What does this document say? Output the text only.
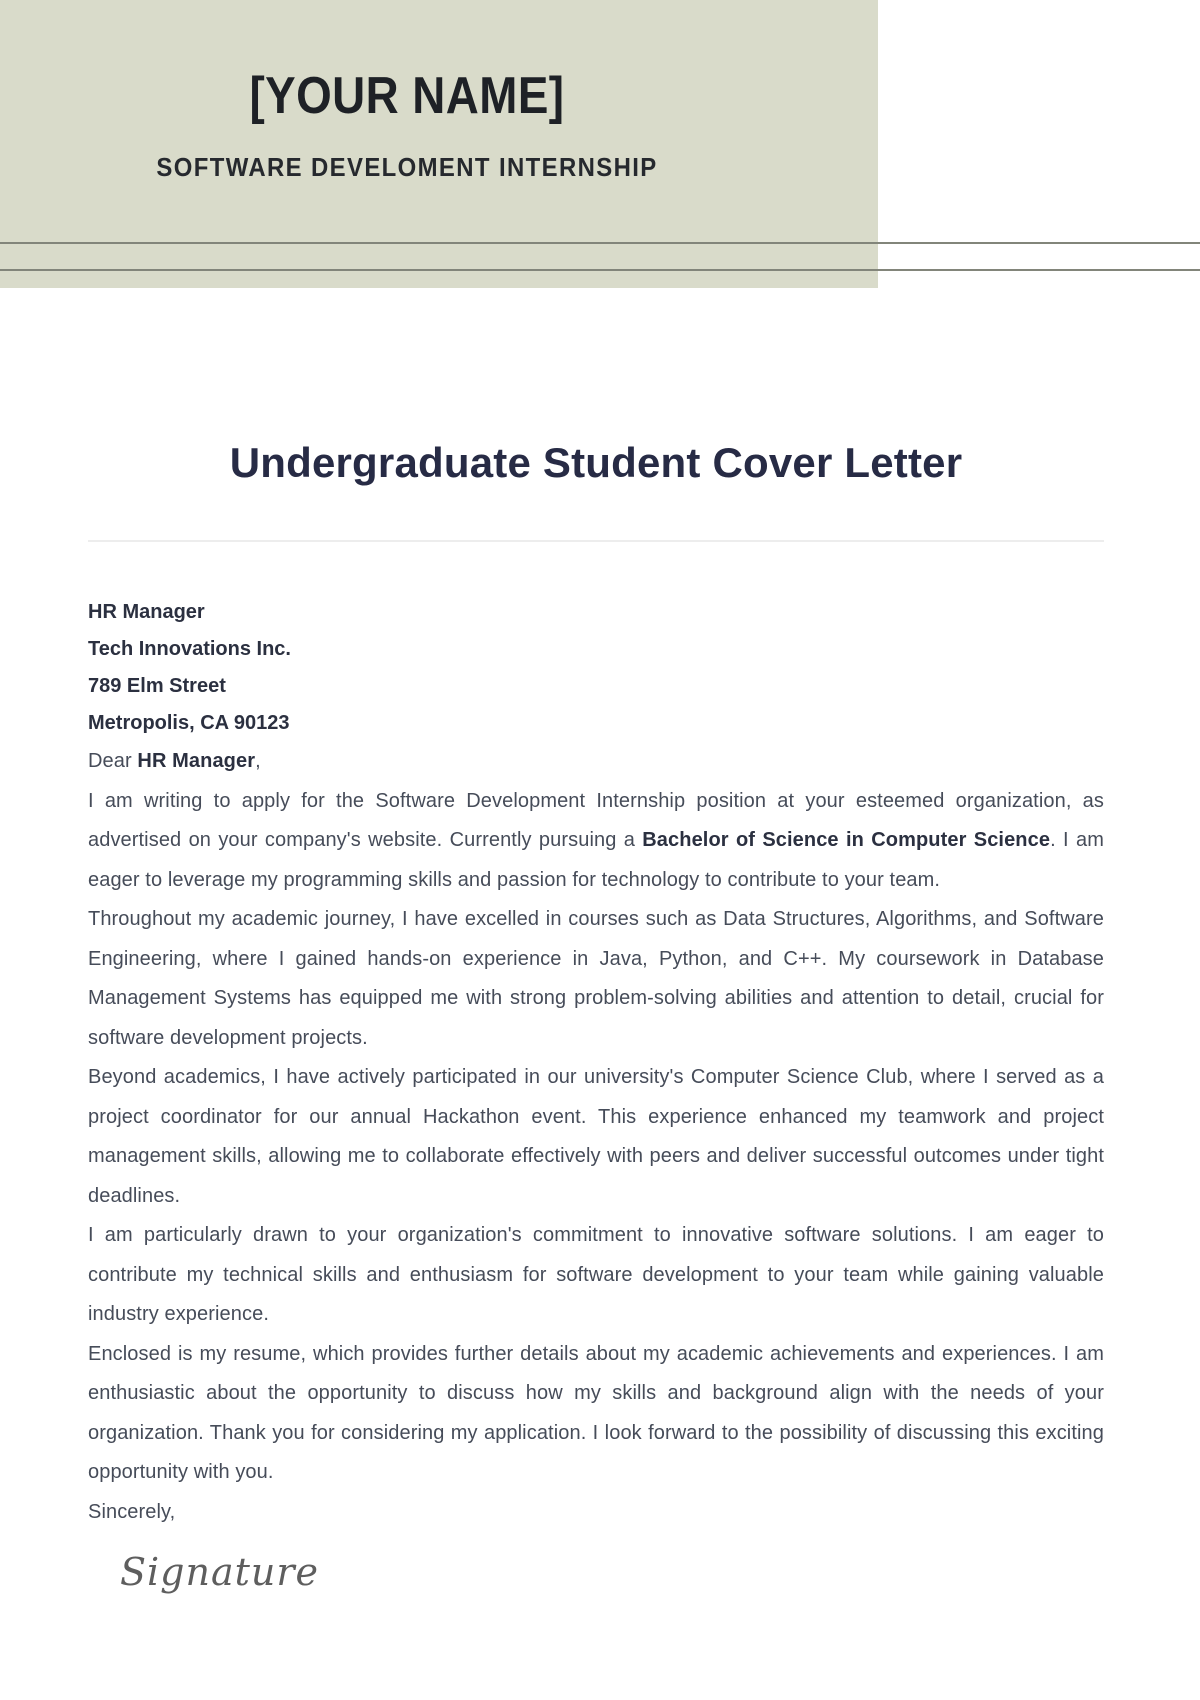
[YOUR NAME]
SOFTWARE DEVELOMENT INTERNSHIP
Undergraduate Student Cover Letter
HR Manager
Tech Innovations Inc.
789 Elm Street
Metropolis, CA 90123

Dear HR Manager,

I am writing to apply for the Software Development Internship position at your esteemed organization, as advertised on your company's website. Currently pursuing a Bachelor of Science in Computer Science. I am eager to leverage my programming skills and passion for technology to contribute to your team.

Throughout my academic journey, I have excelled in courses such as Data Structures, Algorithms, and Software Engineering, where I gained hands-on experience in Java, Python, and C++. My coursework in Database Management Systems has equipped me with strong problem-solving abilities and attention to detail, crucial for software development projects.

Beyond academics, I have actively participated in our university's Computer Science Club, where I served as a project coordinator for our annual Hackathon event. This experience enhanced my teamwork and project management skills, allowing me to collaborate effectively with peers and deliver successful outcomes under tight deadlines.

I am particularly drawn to your organization's commitment to innovative software solutions. I am eager to contribute my technical skills and enthusiasm for software development to your team while gaining valuable industry experience.

Enclosed is my resume, which provides further details about my academic achievements and experiences. I am enthusiastic about the opportunity to discuss how my skills and background align with the needs of your organization. Thank you for considering my application. I look forward to the possibility of discussing this exciting opportunity with you.

Sincerely,

Signature
